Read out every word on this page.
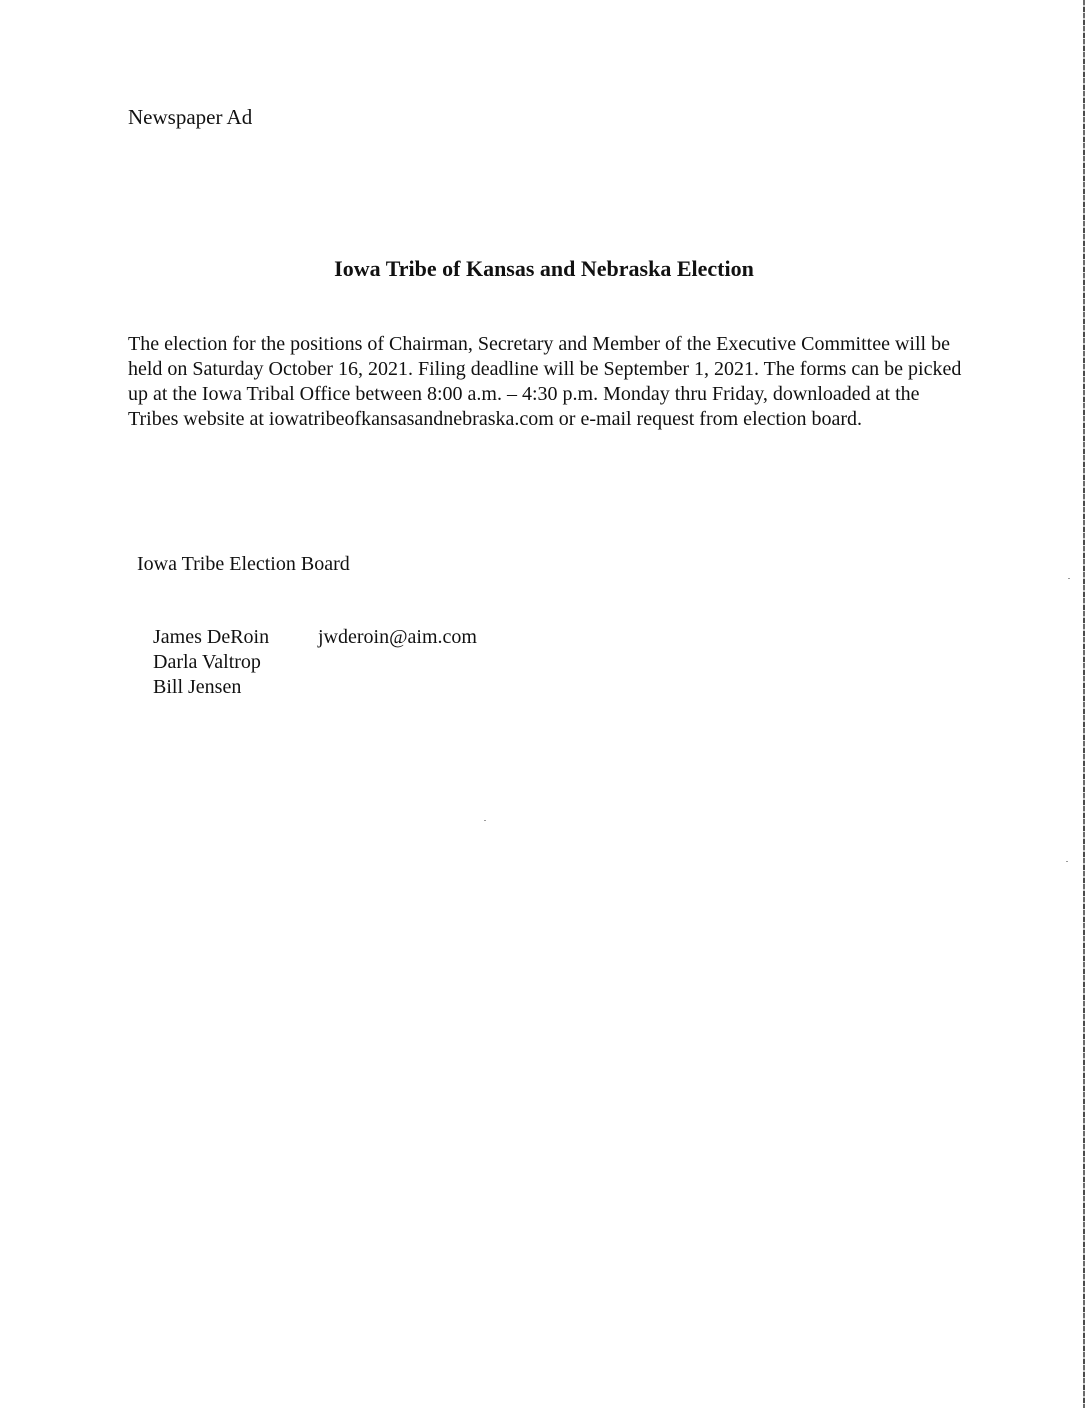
Newspaper Ad
Iowa Tribe of Kansas and Nebraska Election

The election for the positions of Chairman, Secretary and Member of the Executive Committee will be held on Saturday October 16, 2021. Filing deadline will be September 1, 2021. The forms can be picked up at the Iowa Tribal Office between 8:00 a.m. – 4:30 p.m. Monday thru Friday, downloaded at the Tribes website at iowatribeofkansasandnebraska.com or e-mail request from election board.

Iowa Tribe Election Board
James DeRoin	jwderoin@aim.com
Darla Valtrop
Bill Jensen
